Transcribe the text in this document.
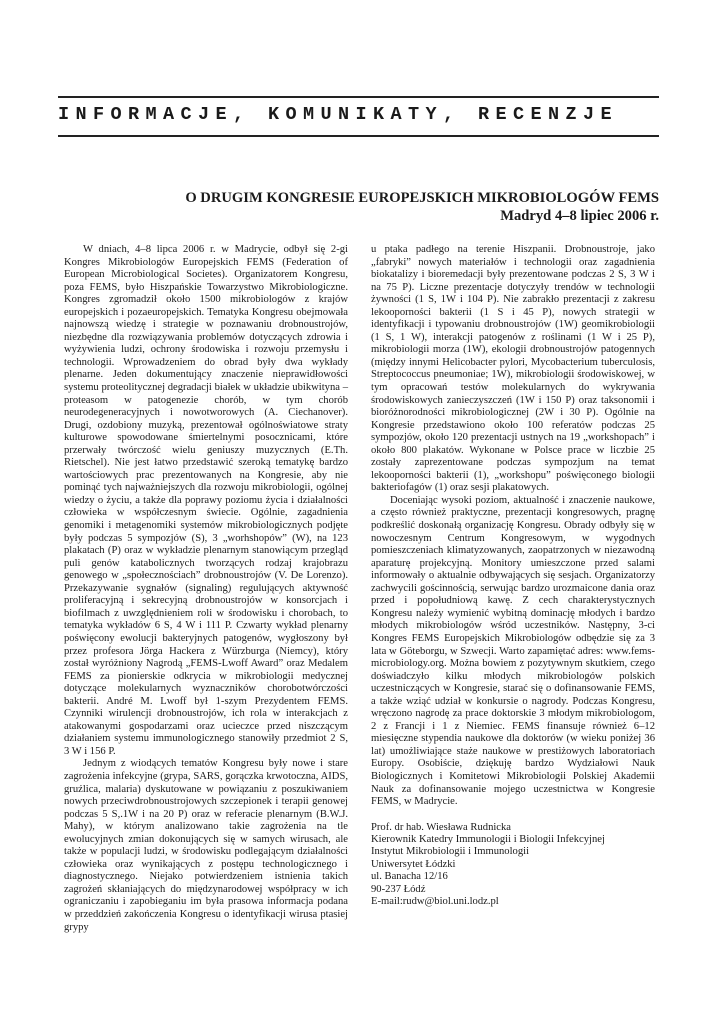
INFORMACJE, KOMUNIKATY, RECENZJE
O DRUGIM KONGRESIE EUROPEJSKICH MIKROBIOLOGÓW FEMS
Madryd 4–8 lipiec 2006 r.

W dniach, 4–8 lipca 2006 r. w Madrycie, odbył się 2-gi Kongres Mikrobiologów Europejskich FEMS (Federation of European Microbiological Societes). Organizatorem Kongresu, poza FEMS, było Hiszpańskie Towarzystwo Mikrobiologiczne. Kongres zgromadził około 1500 mikrobiologów z krajów europejskich i pozaeuropejskich. Tematyka Kongresu obejmowała najnowszą wiedzę i strategie w poznawaniu drobnoustrojów, niezbędne dla rozwiązywania problemów dotyczących zdrowia i wyżywienia ludzi, ochrony środowiska i rozwoju przemysłu i technologii. Wprowadzeniem do obrad były dwa wykłady plenarne. Jeden dokumentujący znaczenie nieprawidłowości systemu proteolitycznej degradacji białek w układzie ubikwityna – proteasom w patogenezie chorób, w tym chorób neurodegeneracyjnych i nowotworowych (A. Ciechanover). Drugi, ozdobiony muzyką, prezentował ogólnoświatowe straty kulturowe spowodowane śmiertelnymi posocznicami, które przerwały twórczość wielu geniuszy muzycznych (E.Th. Rietschel). Nie jest łatwo przedstawić szeroką tematykę bardzo wartościowych prac prezentowanych na Kongresie, aby nie pominąć tych najważniejszych dla rozwoju mikrobiologii, ogólnej wiedzy o życiu, a także dla poprawy poziomu życia i działalności człowieka w współczesnym świecie. Ogólnie, zagadnienia genomiki i metagenomiki systemów mikrobiologicznych podjęte były podczas 5 sympozjów (S), 3 „worhshopów” (W), na 123 plakatach (P) oraz w wykładzie plenarnym stanowiącym przegląd puli genów katabolicznych tworzących rodzaj krajobrazu genowego w „społecznościach” drobnoustrojów (V. De Lorenzo). Przekazywanie sygnałów (signaling) regulujących aktywność proliferacyjną i sekrecyjną drobnoustrojów w konsorcjach i biofilmach z uwzględnieniem roli w środowisku i chorobach, to tematyka wykładów 6 S, 4 W i 111 P. Czwarty wykład plenarny poświęcony ewolucji bakteryjnych patogenów, wygłoszony był przez profesora Jörga Hackera z Würzburga (Niemcy), który został wyróżniony Nagrodą „FEMS-Lwoff Award” oraz Medalem FEMS za pionierskie odkrycia w mikrobiologii medycznej dotyczące molekularnych wyznaczników chorobotwórczości bakterii. André M. Lwoff był 1-szym Prezydentem FEMS. Czynniki wirulencji drobnoustrojów, ich rola w interakcjach z atakowanymi gospodarzami oraz ucieczce przed niszczącym działaniem systemu immunologicznego stanowiły przedmiot 2 S, 3 W i 156 P.

Jednym z wiodących tematów Kongresu były nowe i stare zagrożenia infekcyjne (grypa, SARS, gorączka krwotoczna, AIDS, gruźlica, malaria) dyskutowane w powiązaniu z poszukiwaniem nowych przeciwdrobnoustrojowych szczepionek i terapii genowej podczas 5 S,.1W i na 20 P) oraz w referacie plenarnym (B.W.J. Mahy), w którym analizowano takie zagrożenia na tle ewolucyjnych zmian dokonujących się w samych wirusach, ale także w populacji ludzi, w środowisku podlegającym działalności człowieka oraz wynikających z postępu technologicznego i diagnostycznego. Niejako potwierdzeniem istnienia takich zagrożeń skłaniających do międzynarodowej współpracy w ich ograniczaniu i zapobieganiu im była prasowa informacja podana w przeddzień zakończenia Kongresu o identyfikacji wirusa ptasiej grypy

u ptaka padłego na terenie Hiszpanii. Drobnoustroje, jako „fabryki” nowych materiałów i technologii oraz zagadnienia biokatalizy i bioremedacji były prezentowane podczas 2 S, 3 W i na 75 P). Liczne prezentacje dotyczyły trendów w technologii żywności (1 S, 1W i 104 P). Nie zabrakło prezentacji z zakresu lekooporności bakterii (1 S i 45 P), nowych strategii w identyfikacji i typowaniu drobnoustrojów (1W) geomikrobiologii (1 S, 1 W), interakcji patogenów z roślinami (1 W i 25 P), mikrobiologii morza (1W), ekologii drobnoustrojów patogennych (między innymi Helicobacter pylori, Mycobacterium tuberculosis, Streptococcus pneumoniae; 1W), mikrobiologii środowiskowej, w tym opracowań testów molekularnych do wykrywania środowiskowych zanieczyszczeń (1W i 150 P) oraz taksonomii i bioróżnorodności mikrobiologicznej (2W i 30 P). Ogólnie na Kongresie przedstawiono około 100 referatów podczas 25 sympozjów, około 120 prezentacji ustnych na 19 „workshopach” i około 800 plakatów. Wykonane w Polsce prace w liczbie 25 zostały zaprezentowane podczas sympozjum na temat lekooporności bakterii (1), „workshopu” poświęconego biologii bakteriofagów (1) oraz sesji plakatowych.

Doceniając wysoki poziom, aktualność i znaczenie naukowe, a często również praktyczne, prezentacji kongresowych, pragnę podkreślić doskonałą organizację Kongresu. Obrady odbyły się w nowoczesnym Centrum Kongresowym, w wygodnych pomieszczeniach klimatyzowanych, zaopatrzonych w niezawodną aparaturę projekcyjną. Monitory umieszczone przed salami informowały o aktualnie odbywających się sesjach. Organizatorzy zachwycili gościnnością, serwując bardzo urozmaicone dania oraz przed i popołudniową kawę. Z cech charakterystycznych Kongresu należy wymienić wybitną dominację młodych i bardzo młodych mikrobiologów wśród uczestników. Następny, 3-ci Kongres FEMS Europejskich Mikrobiologów odbędzie się za 3 lata w Göteborgu, w Szwecji. Warto zapamiętać adres: www.fems-microbiology.org. Można bowiem z pozytywnym skutkiem, czego doświadczyło kilku młodych mikrobiologów polskich uczestniczących w Kongresie, starać się o dofinansowanie FEMS, a także wziąć udział w konkursie o nagrody. Podczas Kongresu, wręczono nagrodę za prace doktorskie 3 młodym mikrobiologom, 2 z Francji i 1 z Niemiec. FEMS finansuje również 6–12 miesięczne stypendia naukowe dla doktorów (w wieku poniżej 36 lat) umożliwiające staże naukowe w prestiżowych laboratoriach Europy. Osobiście, dziękuję bardzo Wydziałowi Nauk Biologicznych i Komitetowi Mikrobiologii Polskiej Akademii Nauk za dofinansowanie mojego uczestnictwa w Kongresie FEMS, w Madrycie.

Prof. dr hab. Wiesława Rudnicka
Kierownik Katedry Immunologii i Biologii Infekcyjnej
Instytut Mikrobiologii i Immunologii
Uniwersytet Łódzki
ul. Banacha 12/16
90-237 Łódź
E-mail:rudw@biol.uni.lodz.pl
